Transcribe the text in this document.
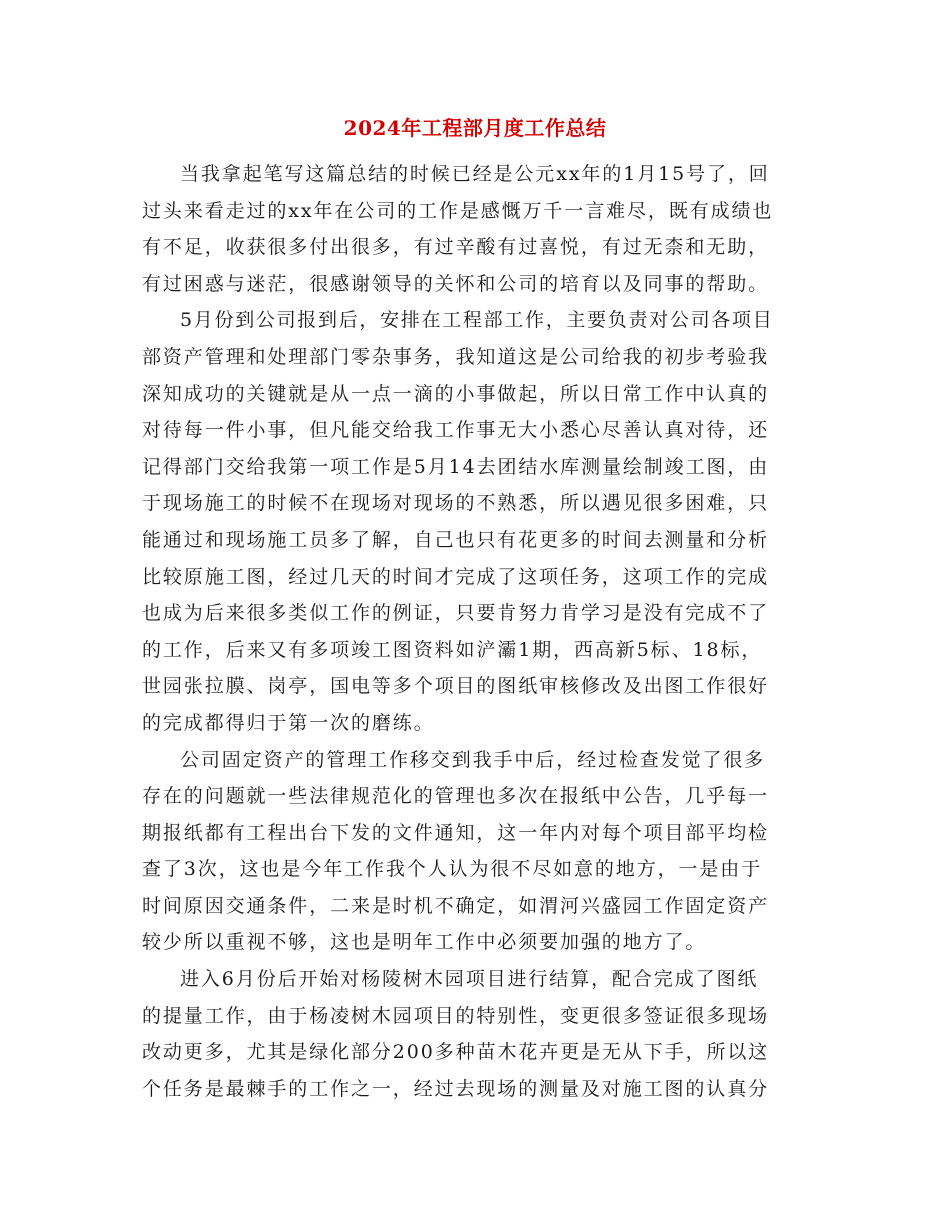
2024年工程部月度工作总结
当我拿起笔写这篇总结的时候已经是公元xx年的1月15号了，回
过头来看走过的xx年在公司的工作是感慨万千一言难尽，既有成绩也
有不足，收获很多付出很多，有过辛酸有过喜悦，有过无柰和无助，
有过困惑与迷茫，很感谢领导的关怀和公司的培育以及同事的帮助。
5月份到公司报到后，安排在工程部工作，主要负责对公司各项目
部资产管理和处理部门零杂事务，我知道这是公司给我的初步考验我
深知成功的关键就是从一点一滴的小事做起，所以日常工作中认真的
对待每一件小事，但凡能交给我工作事无大小悉心尽善认真对待，还
记得部门交给我第一项工作是5月14去团结水库测量绘制竣工图，由
于现场施工的时候不在现场对现场的不熟悉，所以遇见很多困难，只
能通过和现场施工员多了解，自己也只有花更多的时间去测量和分析
比较原施工图，经过几天的时间才完成了这项任务，这项工作的完成
也成为后来很多类似工作的例证，只要肯努力肯学习是没有完成不了
的工作，后来又有多项竣工图资料如浐灞1期，西高新5标、18标，
世园张拉膜、岗亭，国电等多个项目的图纸审核修改及出图工作很好
的完成都得归于第一次的磨练。
公司固定资产的管理工作移交到我手中后，经过检查发觉了很多
存在的问题就一些法律规范化的管理也多次在报纸中公告，几乎每一
期报纸都有工程出台下发的文件通知，这一年内对每个项目部平均检
查了3次，这也是今年工作我个人认为很不尽如意的地方，一是由于
时间原因交通条件，二来是时机不确定，如渭河兴盛园工作固定资产
较少所以重视不够，这也是明年工作中必须要加强的地方了。
进入6月份后开始对杨陵树木园项目进行结算，配合完成了图纸
的提量工作，由于杨凌树木园项目的特别性，变更很多签证很多现场
改动更多，尤其是绿化部分200多种苗木花卉更是无从下手，所以这
个任务是最棘手的工作之一，经过去现场的测量及对施工图的认真分
